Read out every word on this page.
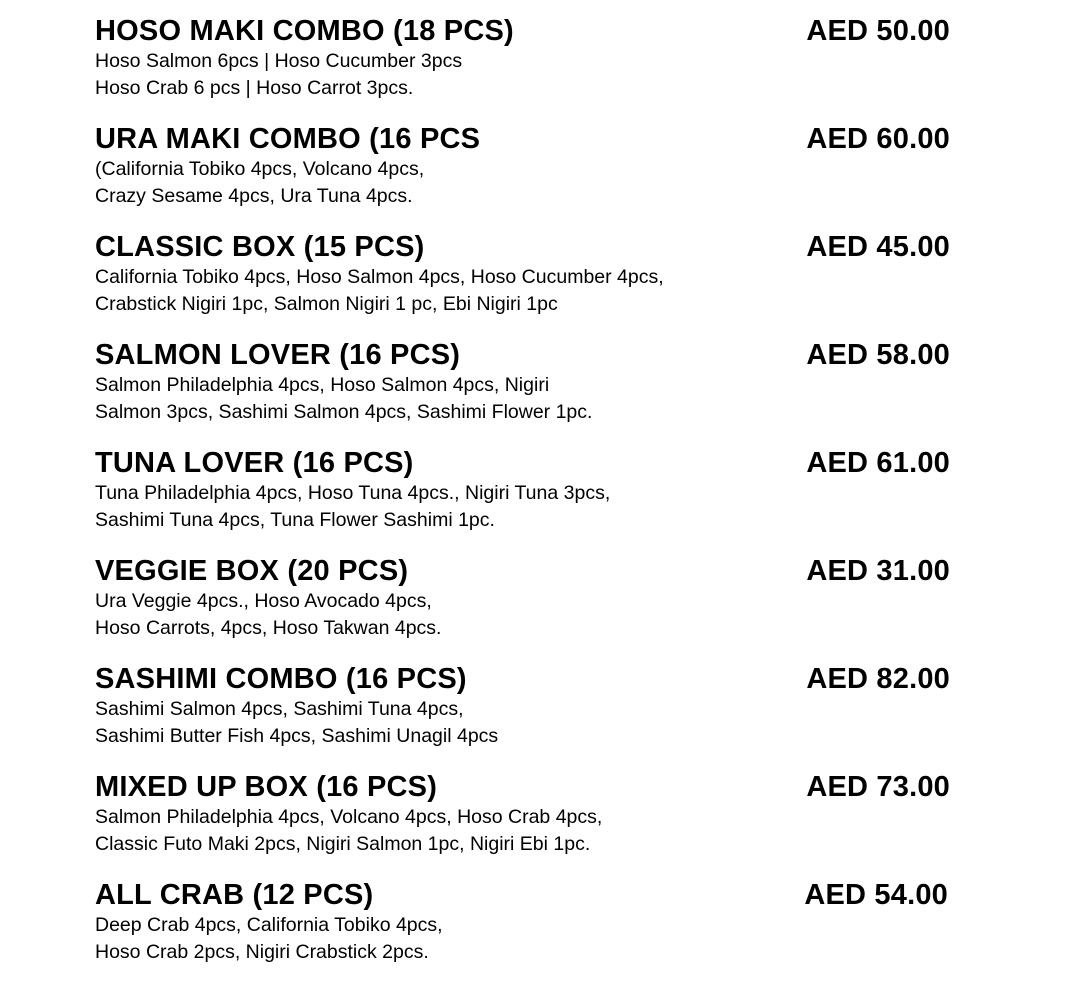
HOSO MAKI COMBO (18 PCS)	AED 50.00
Hoso Salmon 6pcs | Hoso Cucumber 3pcs
Hoso Crab 6 pcs | Hoso Carrot 3pcs.
URA MAKI COMBO (16 PCS	AED 60.00
(California Tobiko 4pcs, Volcano 4pcs,
Crazy Sesame 4pcs, Ura Tuna 4pcs.
CLASSIC BOX (15 PCS)	AED 45.00
California Tobiko 4pcs, Hoso Salmon 4pcs, Hoso Cucumber 4pcs,
Crabstick Nigiri 1pc, Salmon Nigiri 1 pc, Ebi Nigiri 1pc
SALMON LOVER (16 PCS)	AED 58.00
Salmon Philadelphia 4pcs, Hoso Salmon 4pcs, Nigiri
Salmon 3pcs, Sashimi Salmon 4pcs, Sashimi Flower 1pc.
TUNA LOVER (16 PCS)	AED 61.00
Tuna Philadelphia 4pcs, Hoso Tuna 4pcs., Nigiri Tuna 3pcs,
Sashimi Tuna 4pcs, Tuna Flower Sashimi 1pc.
VEGGIE BOX (20 PCS)	AED 31.00
Ura Veggie 4pcs., Hoso Avocado 4pcs,
Hoso Carrots, 4pcs, Hoso Takwan 4pcs.
SASHIMI COMBO (16 PCS)	AED 82.00
Sashimi Salmon 4pcs, Sashimi Tuna 4pcs,
Sashimi Butter Fish 4pcs, Sashimi Unagil 4pcs
MIXED UP BOX (16 PCS)	AED 73.00
Salmon Philadelphia 4pcs, Volcano 4pcs, Hoso Crab 4pcs,
Classic Futo Maki 2pcs, Nigiri Salmon 1pc, Nigiri Ebi 1pc.
ALL CRAB (12 PCS)	AED 54.00
Deep Crab 4pcs, California Tobiko 4pcs,
Hoso Crab 2pcs, Nigiri Crabstick 2pcs.
